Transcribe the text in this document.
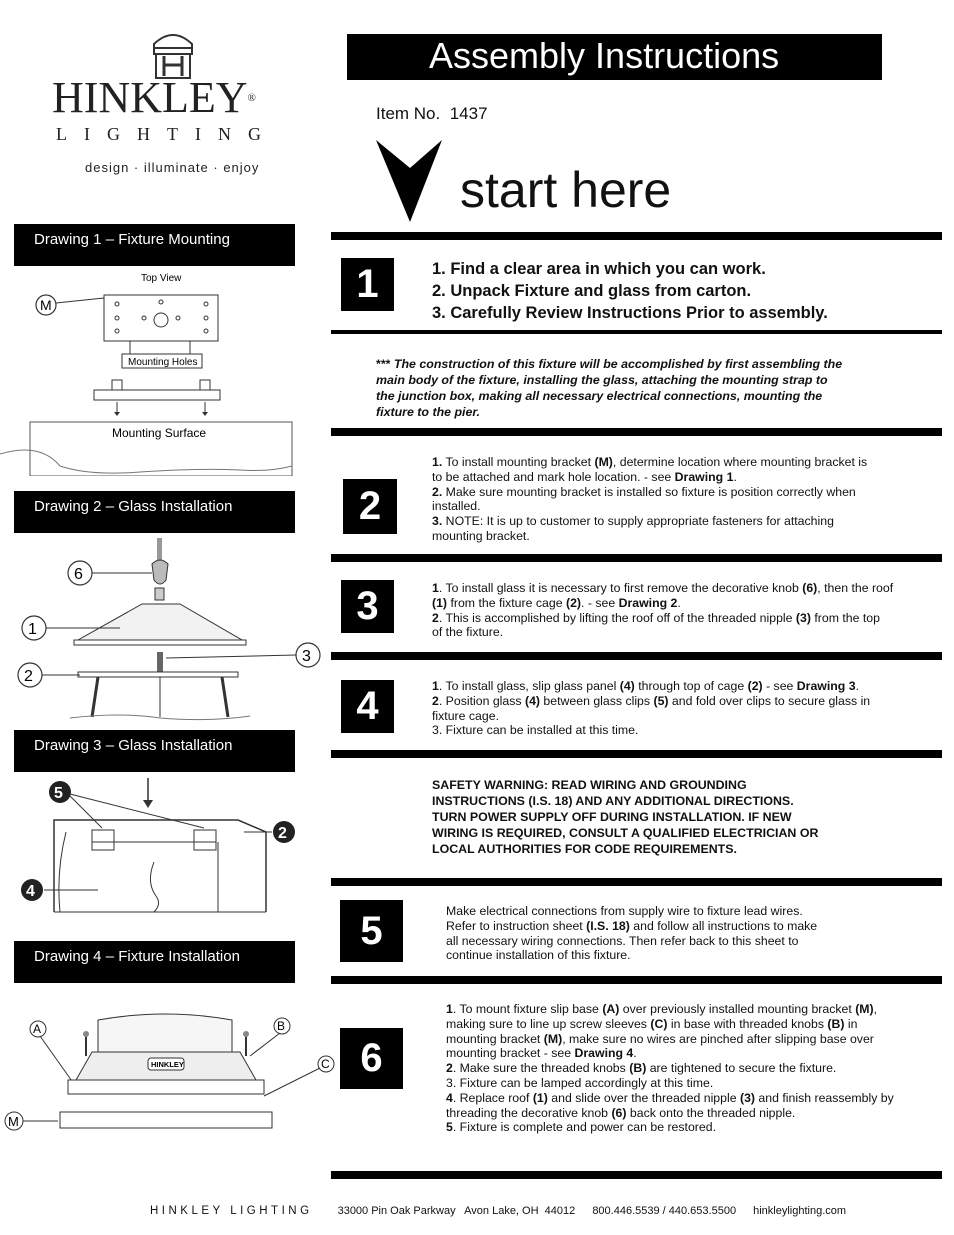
HINKLEY®
LIGHTING
design · illuminate · enjoy
Assembly Instructions
Item No. 1437
start here
Drawing 1 – Fixture Mounting
Top View
M
Mounting Holes
Mounting Surface
Drawing 2 – Glass Installation
6
1
2
3
Drawing 3 – Glass Installation
5
2
4
Drawing 4 – Fixture Installation
A	B
C
M
HINKLEY
1	1. Find a clear area in which you can work.
2. Unpack Fixture and glass from carton.
3. Carefully Review Instructions Prior to assembly.
*** The construction of this fixture will be accomplished by first assembling the
main body of the fixture, installing the glass, attaching the mounting strap to
the junction box, making all necessary electrical connections, mounting the
fixture to the pier.
2
1. To install mounting bracket (M), determine location where mounting bracket is
to be attached and mark hole location. - see Drawing 1.
2. Make sure mounting bracket is installed so fixture is position correctly when
installed.
3. NOTE: It is up to customer to supply appropriate fasteners for attaching
mounting bracket.
3	1. To install glass it is necessary to first remove the decorative knob (6), then the roof
(1) from the fixture cage (2). - see Drawing 2.
2. This is accomplished by lifting the roof off of the threaded nipple (3) from the top
of the fixture.
4	1. To install glass, slip glass panel (4) through top of cage (2) - see Drawing 3.
2. Position glass (4) between glass clips (5) and fold over clips to secure glass in
fixture cage.
3. Fixture can be installed at this time.
SAFETY WARNING: READ WIRING AND GROUNDING
INSTRUCTIONS (I.S. 18) AND ANY ADDITIONAL DIRECTIONS.
TURN POWER SUPPLY OFF DURING INSTALLATION. IF NEW
WIRING IS REQUIRED, CONSULT A QUALIFIED ELECTRICIAN OR
LOCAL AUTHORITIES FOR CODE REQUIREMENTS.
5	Make electrical connections from supply wire to fixture lead wires.
Refer to instruction sheet (I.S. 18) and follow all instructions to make
all necessary wiring connections. Then refer back to this sheet to
continue installation of this fixture.
6
1. To mount fixture slip base (A) over previously installed mounting bracket (M),
making sure to line up screw sleeves (C) in base with threaded knobs (B) in
mounting bracket (M), make sure no wires are pinched after slipping base over
mounting bracket - see Drawing 4.
2. Make sure the threaded knobs (B) are tightened to secure the fixture.
3. Fixture can be lamped accordingly at this time.
4. Replace roof (1) and slide over the threaded nipple (3) and finish reassembly by
threading the decorative knob (6) back onto the threaded nipple.
5. Fixture is complete and power can be restored.
HINKLEY LIGHTING 33000 Pin Oak Parkway   Avon Lake, OH  44012 800.446.5539 / 440.653.5500 hinkleylighting.com
